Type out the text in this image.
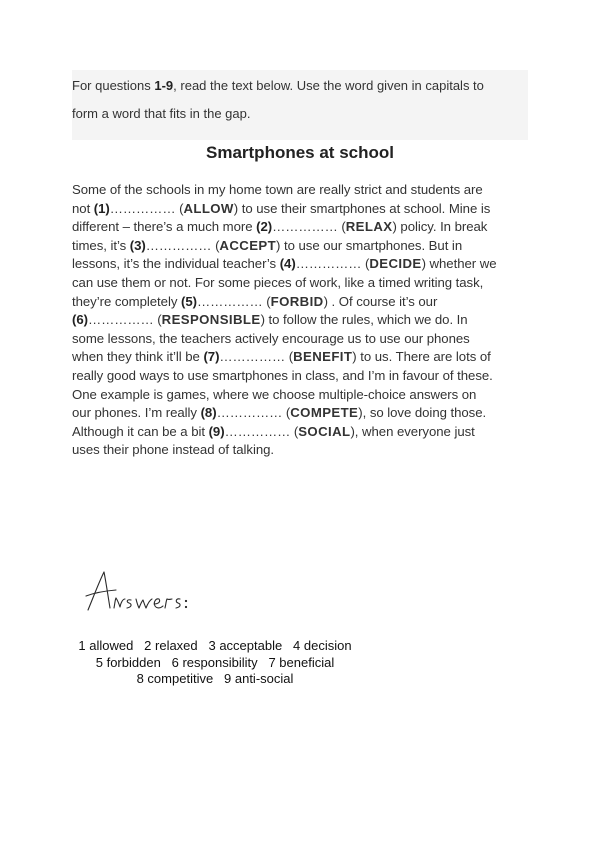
For questions 1-9, read the text below. Use the word given in capitals to
form a word that fits in the gap.
Smartphones at school
Some of the schools in my home town are really strict and students are
not (1)…………… (ALLOW) to use their smartphones at school. Mine is
different – there’s a much more (2)…………… (RELAX) policy. In break
times, it’s (3)…………… (ACCEPT) to use our smartphones. But in
lessons, it’s the individual teacher’s (4)…………… (DECIDE) whether we
can use them or not. For some pieces of work, like a timed writing task,
they’re completely (5)…………… (FORBID) . Of course it’s our
(6)…………… (RESPONSIBLE) to follow the rules, which we do. In
some lessons, the teachers actively encourage us to use our phones
when they think it’ll be (7)…………… (BENEFIT) to us. There are lots of
really good ways to use smartphones in class, and I’m in favour of these.
One example is games, where we choose multiple-choice answers on
our phones. I’m really (8)…………… (COMPETE), so love doing those.
Although it can be a bit (9)…………… (SOCIAL), when everyone just
uses their phone instead of talking.
1 allowed   2 relaxed   3 acceptable   4 decision
5 forbidden   6 responsibility   7 beneficial
8 competitive   9 anti-social
